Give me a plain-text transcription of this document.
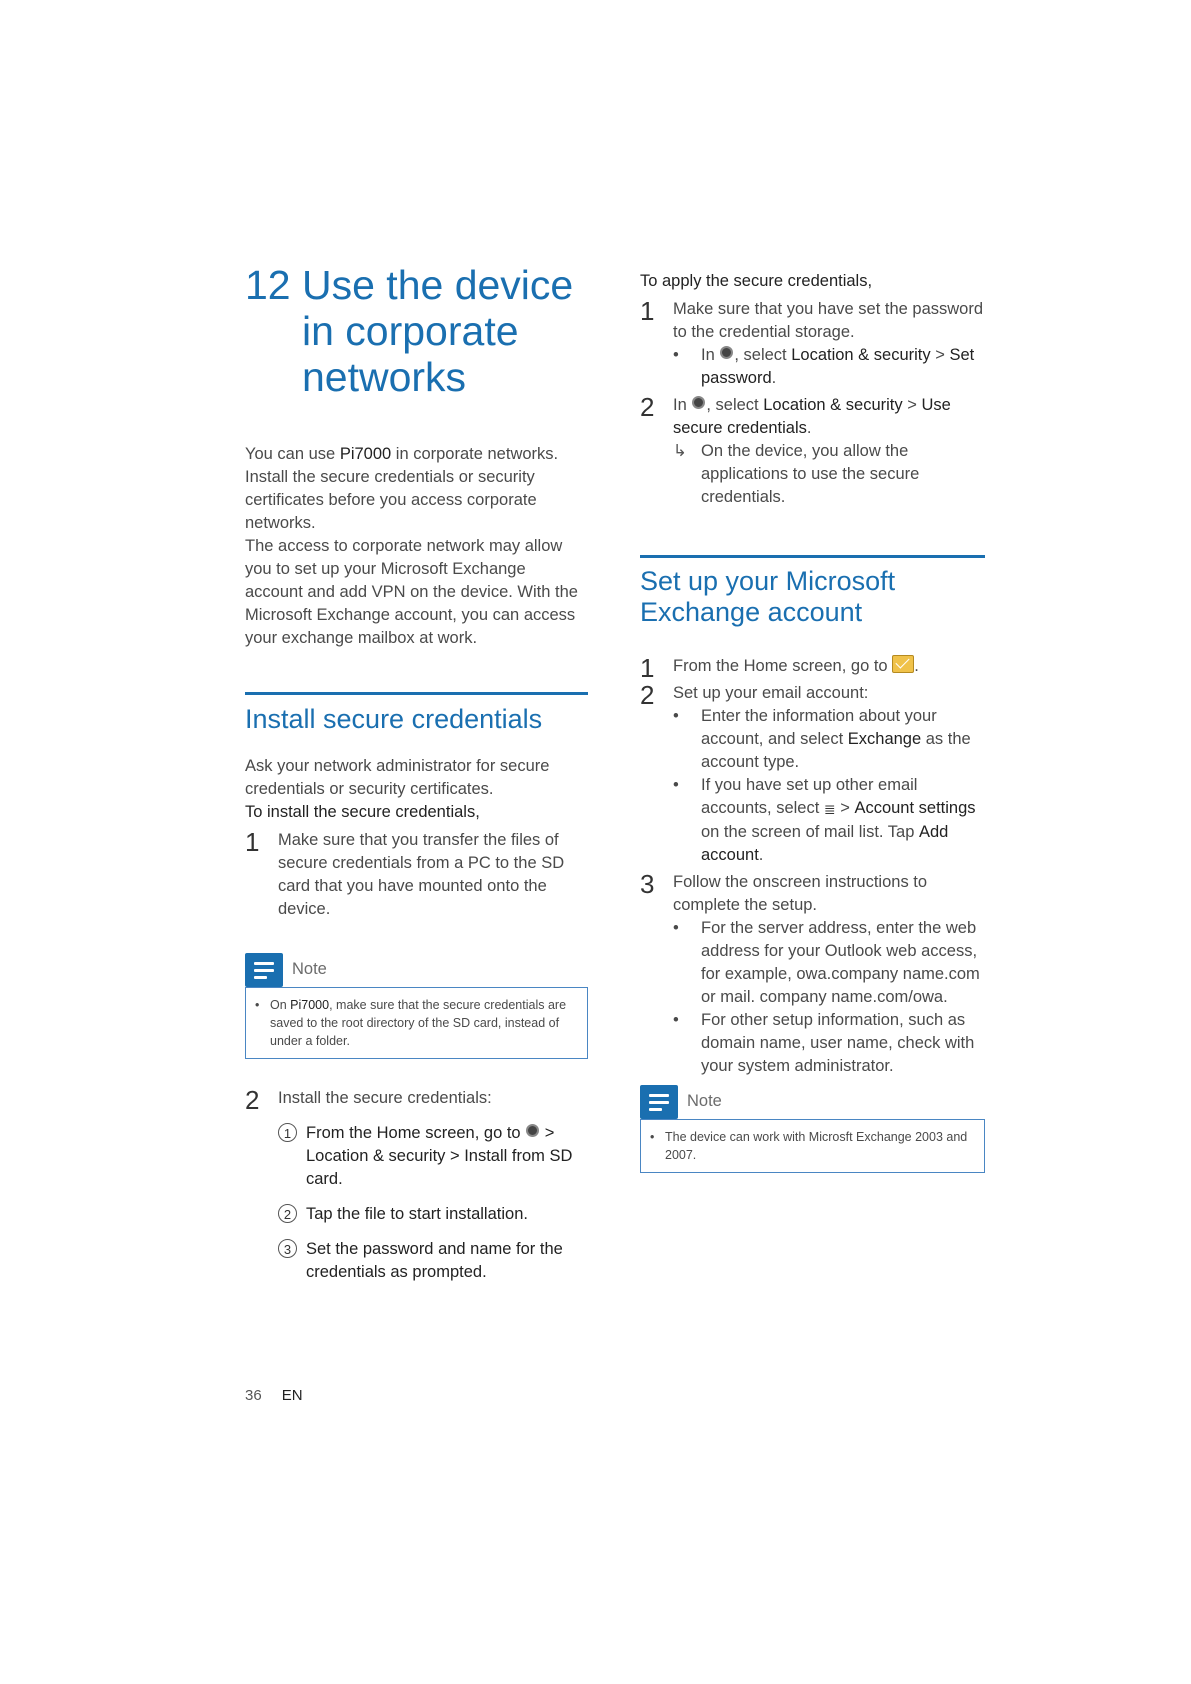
12 Use the device in corporate networks
You can use Pi7000 in corporate networks. Install the secure credentials or security certificates before you access corporate networks.
The access to corporate network may allow you to set up your Microsoft Exchange account and add VPN on the device. With the Microsoft Exchange account, you can access your exchange mailbox at work.
Install secure credentials
Ask your network administrator for secure credentials or security certificates.
To install the secure credentials,
1 Make sure that you transfer the files of secure credentials from a PC to the SD card that you have mounted onto the device.
Note
• On Pi7000, make sure that the secure credentials are saved to the root directory of the SD card, instead of under a folder.
2 Install the secure credentials:
1 From the Home screen, go to  > Location & security > Install from SD card.
2 Tap the file to start installation.
3 Set the password and name for the credentials as prompted.
To apply the secure credentials,
1 Make sure that you have set the password to the credential storage.
• In , select Location & security > Set password.
2 In , select Location & security > Use secure credentials.
↳ On the device, you allow the applications to use the secure credentials.
Set up your Microsoft Exchange account
1 From the Home screen, go to .
2 Set up your email account:
• Enter the information about your account, and select Exchange as the account type.
• If you have set up other email accounts, select ≣ > Account settings on the screen of mail list. Tap Add account.
3 Follow the onscreen instructions to complete the setup.
• For the server address, enter the web address for your Outlook web access, for example, owa.company name.com or mail. company name.com/owa.
• For other setup information, such as domain name, user name, check with your system administrator.
Note
• The device can work with Microsft Exchange 2003 and 2007.
36 EN
